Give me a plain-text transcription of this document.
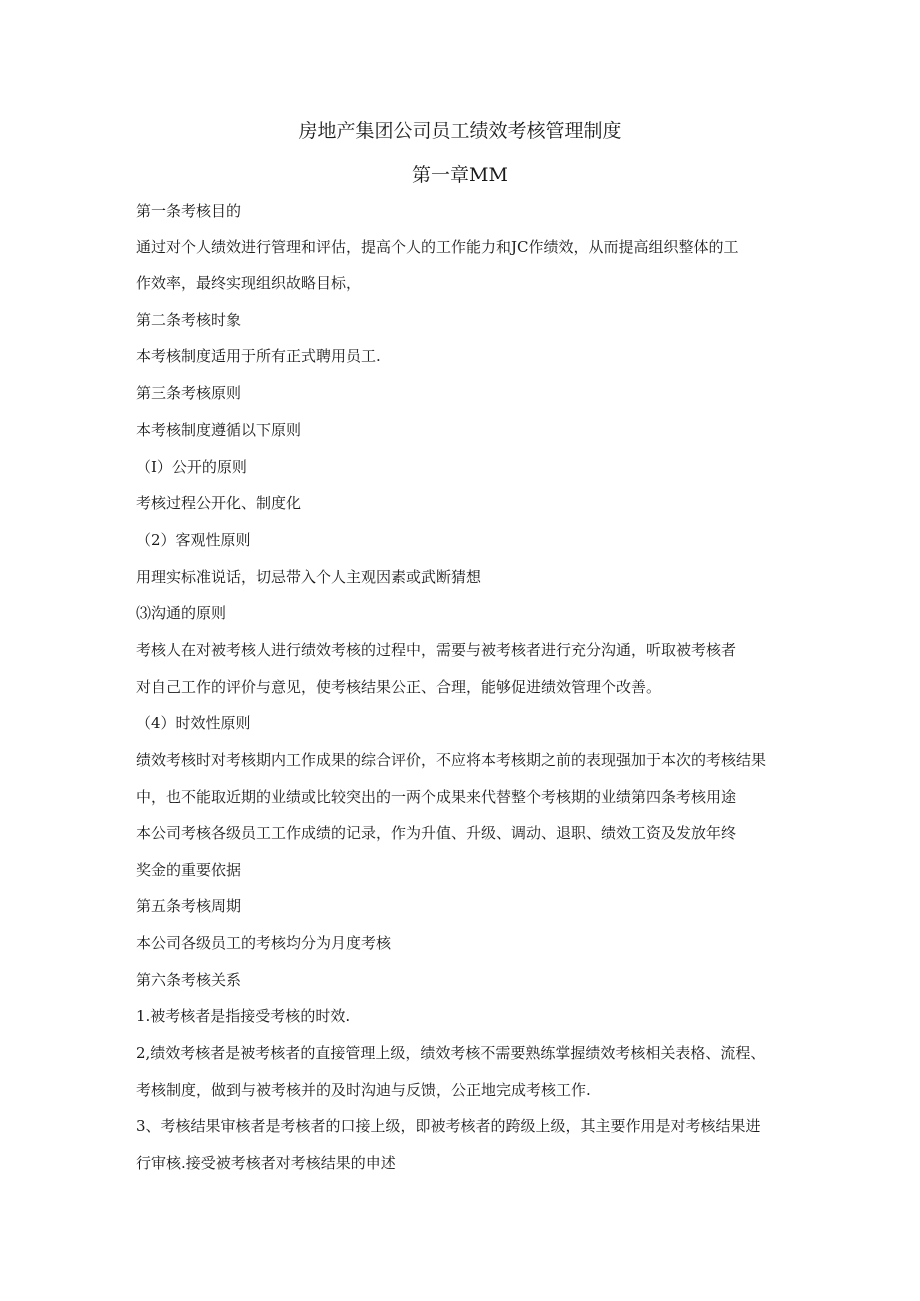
房地产集团公司员工绩效考核管理制度
第一章MM
第一条考核目的
通过对个人绩效进行管理和评估，提高个人的工作能力和JC作绩效，从而提高组织整体的工
作效率，最终实现组织故略目标，
第二条考核时象
本考核制度适用于所有正式聘用员工.
第三条考核原则
本考核制度遵循以下原则
（I）公开的原则
考核过程公开化、制度化
（2）客观性原则
用理实标准说话，切忌带入个人主观因素或武断猜想
⑶沟通的原则
考核人在对被考核人进行绩效考核的过程中，需要与被考核者进行充分沟通，听取被考核者
对自己工作的评价与意见，使考核结果公正、合理，能够促进绩效管理个改善。
（4）时效性原则
绩效考核时对考核期内工作成果的综合评价，不应将本考核期之前的表现强加于本次的考核结果
中，也不能取近期的业绩或比较突出的一两个成果来代替整个考核期的业绩第四条考核用途
本公司考核各级员工工作成绩的记录，作为升值、升级、调动、退职、绩效工资及发放年终
奖金的重要依据
第五条考核周期
本公司各级员工的考核均分为月度考核
第六条考核关系
1.被考核者是指接受考核的时效.
2,绩效考核者是被考核者的直接管理上级，绩效考核不需要熟练掌握绩效考核相关表格、流程、
考核制度，做到与被考核并的及时沟迪与反馈，公正地完成考核工作.
3、考核结果审核者是考核者的口接上级，即被考核者的跨级上级，其主要作用是对考核结果进
行审核.接受被考核者对考核结果的申述
